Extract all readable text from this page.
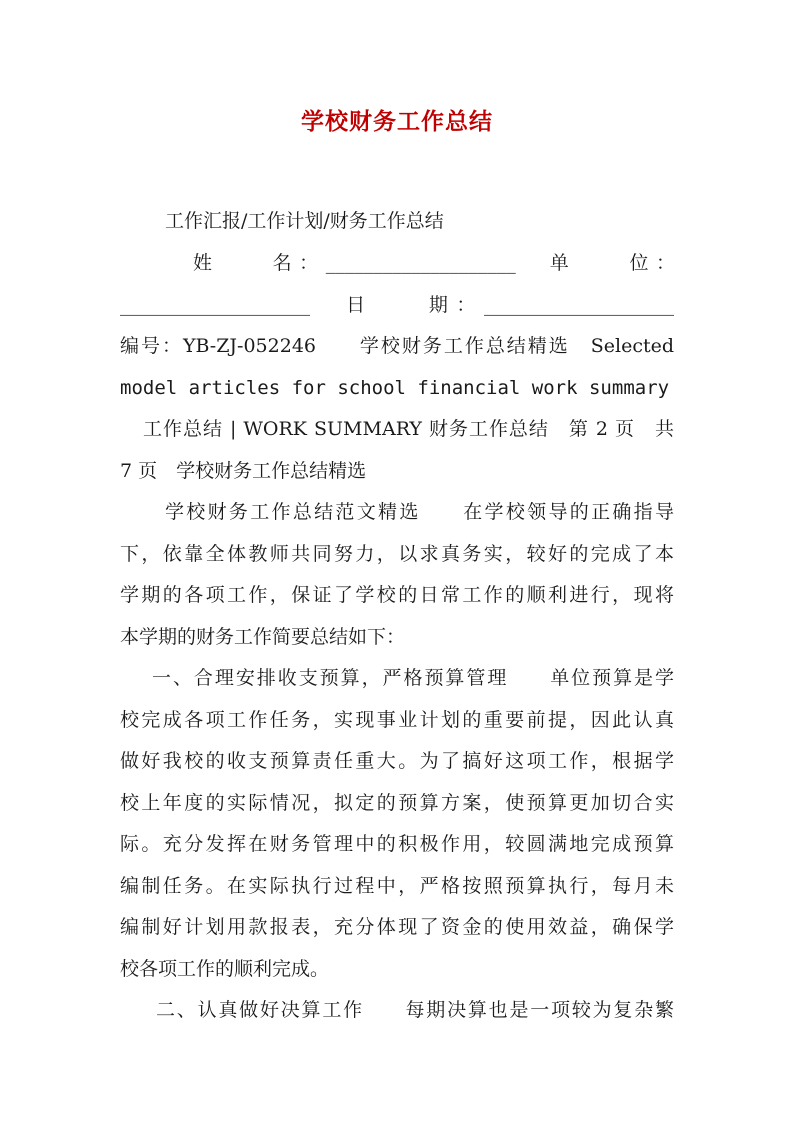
学校财务工作总结
工作汇报/工作计划/财务工作总结
姓　　名：____________________　单　　位：
____________________　日　　期：____________________
编号：YB-ZJ-052246　　学校财务工作总结精选　Selected
model articles for school financial work summary
工作总结 | WORK SUMMARY 财务工作总结　第 2 页　共
7 页　学校财务工作总结精选
学校财务工作总结范文精选　　在学校领导的正确指导
下，依靠全体教师共同努力，以求真务实，较好的完成了本
学期的各项工作，保证了学校的日常工作的顺利进行，现将
本学期的财务工作简要总结如下：
一、合理安排收支预算，严格预算管理　　单位预算是学
校完成各项工作任务，实现事业计划的重要前提，因此认真
做好我校的收支预算责任重大。为了搞好这项工作，根据学
校上年度的实际情况，拟定的预算方案，使预算更加切合实
际。充分发挥在财务管理中的积极作用，较圆满地完成预算
编制任务。在实际执行过程中，严格按照预算执行，每月未
编制好计划用款报表，充分体现了资金的使用效益，确保学
校各项工作的顺利完成。
二、认真做好决算工作　　每期决算也是一项较为复杂繁
